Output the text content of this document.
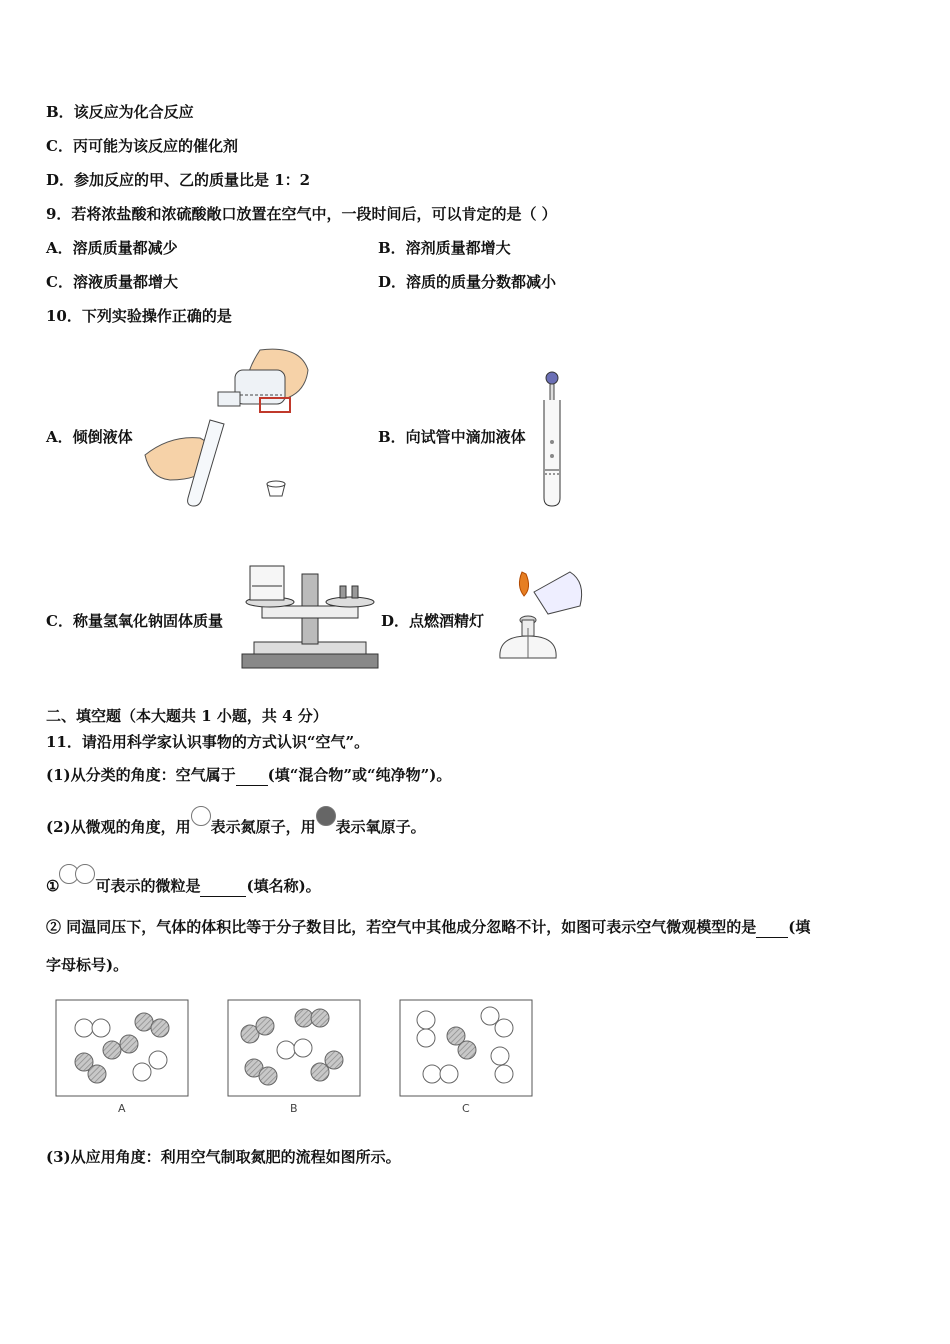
B．该反应为化合反应
C．丙可能为该反应的催化剂
D．参加反应的甲、乙的质量比是 1：2
9．若将浓盐酸和浓硫酸敞口放置在空气中，一段时间后，可以肯定的是（ ）
A．溶质质量都减少	B．溶剂质量都增大
C．溶液质量都增大	D．溶质的质量分数都减小
10．下列实验操作正确的是
A．倾倒液体	B．向试管中滴加液体
C．称量氢氧化钠固体质量	D．点燃酒精灯
二、填空题（本大题共 1 小题，共 4 分）
11．请沿用科学家认识事物的方式认识“空气”。
(1)从分类的角度：空气属于 (填“混合物”或“纯净物”)。
(2)从微观的角度，用 表示氮原子，用 表示氧原子。
① 可表示的微粒是	(填名称)。
② 同温同压下，气体的体积比等于分子数目比，若空气中其他成分忽略不计，如图可表示空气微观模型的是 (填
字母标号)。
A	B	C
(3)从应用角度：利用空气制取氮肥的流程如图所示。
